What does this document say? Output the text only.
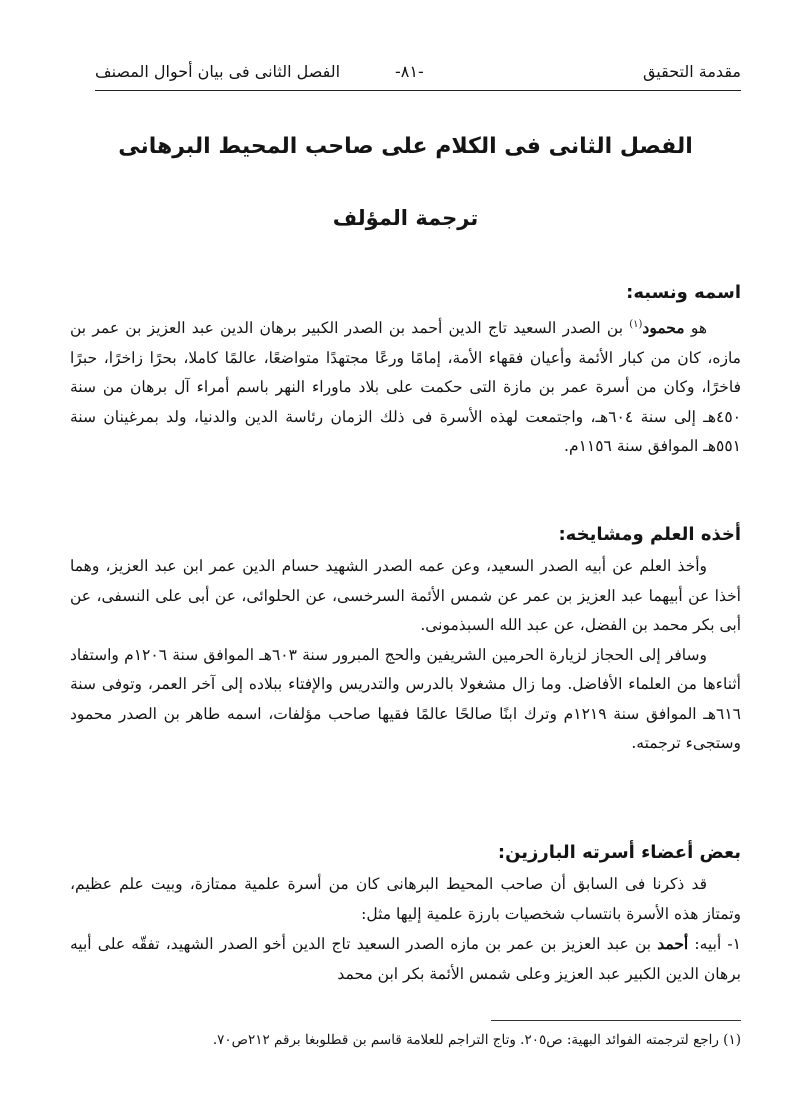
مقدمة التحقيق
-٨١-
الفصل الثانى فى بيان أحوال المصنف
الفصل الثانى فى الكلام على صاحب المحيط البرهانى
ترجمة المؤلف
اسمه ونسبه:

هو محمود$^{(١)}$ بن الصدر السعيد تاج الدين أحمد بن الصدر الكبير برهان الدين عبد العزيز بن عمر بن مازه، كان من كبار الأئمة وأعيان فقهاء الأمة، إمامًا ورعًا مجتهدًا متواضعًا، عالمًا كاملا، بحرًا زاخرًا، حبرًا فاخرًا، وكان من أسرة عمر بن مازة التى حكمت على بلاد ماوراء النهر باسم أمراء آل برهان من سنة ٤٥٠هـ إلى سنة ٦٠٤هـ، واجتمعت لهذه الأسرة فى ذلك الزمان رئاسة الدين والدنيا، ولد بمرغينان سنة ٥٥١هـ الموافق سنة ١١٥٦م.

أخذه العلم ومشايخه:

وأخذ العلم عن أبيه الصدر السعيد، وعن عمه الصدر الشهيد حسام الدين عمر ابن عبد العزيز، وهما أخذا عن أبيهما عبد العزيز بن عمر عن شمس الأئمة السرخسى، عن الحلوائى، عن أبى على النسفى، عن أبى بكر محمد بن الفضل، عن عبد الله السبذمونى.

وسافر إلى الحجاز لزيارة الحرمين الشريفين والحج المبرور سنة ٦٠٣هـ الموافق سنة ١٢٠٦م واستفاد أثناءها من العلماء الأفاضل. وما زال مشغولا بالدرس والتدريس والإفتاء ببلاده إلى آخر العمر، وتوفى سنة ٦١٦هـ الموافق سنة ١٢١٩م وترك ابنًا صالحًا عالمًا فقيها صاحب مؤلفات، اسمه طاهر بن الصدر محمود وستجىء ترجمته.

بعض أعضاء أسرته البارزين:

قد ذكرنا فى السابق أن صاحب المحيط البرهانى كان من أسرة علمية ممتازة، وبيت علم عظيم، وتمتاز هذه الأسرة بانتساب شخصيات بارزة علمية إليها مثل:

١- أبيه: أحمد بن عبد العزيز بن عمر بن مازه الصدر السعيد تاج الدين أخو الصدر الشهيد، تفقّه على أبيه برهان الدين الكبير عبد العزيز وعلى شمس الأئمة بكر ابن محمد

(١) راجع لترجمته الفوائد البهية: ص٢٠٥. وتاج التراجم للعلامة قاسم بن قطلوبغا برقم ٢١٢ص٧٠.
